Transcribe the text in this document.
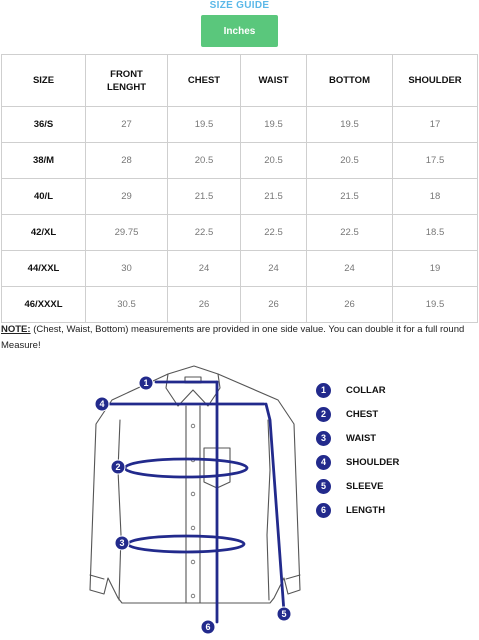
SIZE GUIDE
Inches
SIZE	FRONT LENGHT	CHEST	WAIST	BOTTOM	SHOULDER
36/S	27	19.5	19.5	19.5	17
38/M	28	20.5	20.5	20.5	17.5
40/L	29	21.5	21.5	21.5	18
42/XL	29.75	22.5	22.5	22.5	18.5
44/XXL	30	24	24	24	19
46/XXXL	30.5	26	26	26	19.5
NOTE: (Chest, Waist, Bottom) measurements are provided in one side value. You can double it for a full round Measure!
1
2
3
4
5
6
1	COLLAR
2	CHEST
3	WAIST
4	SHOULDER
5	SLEEVE
6	LENGTH
